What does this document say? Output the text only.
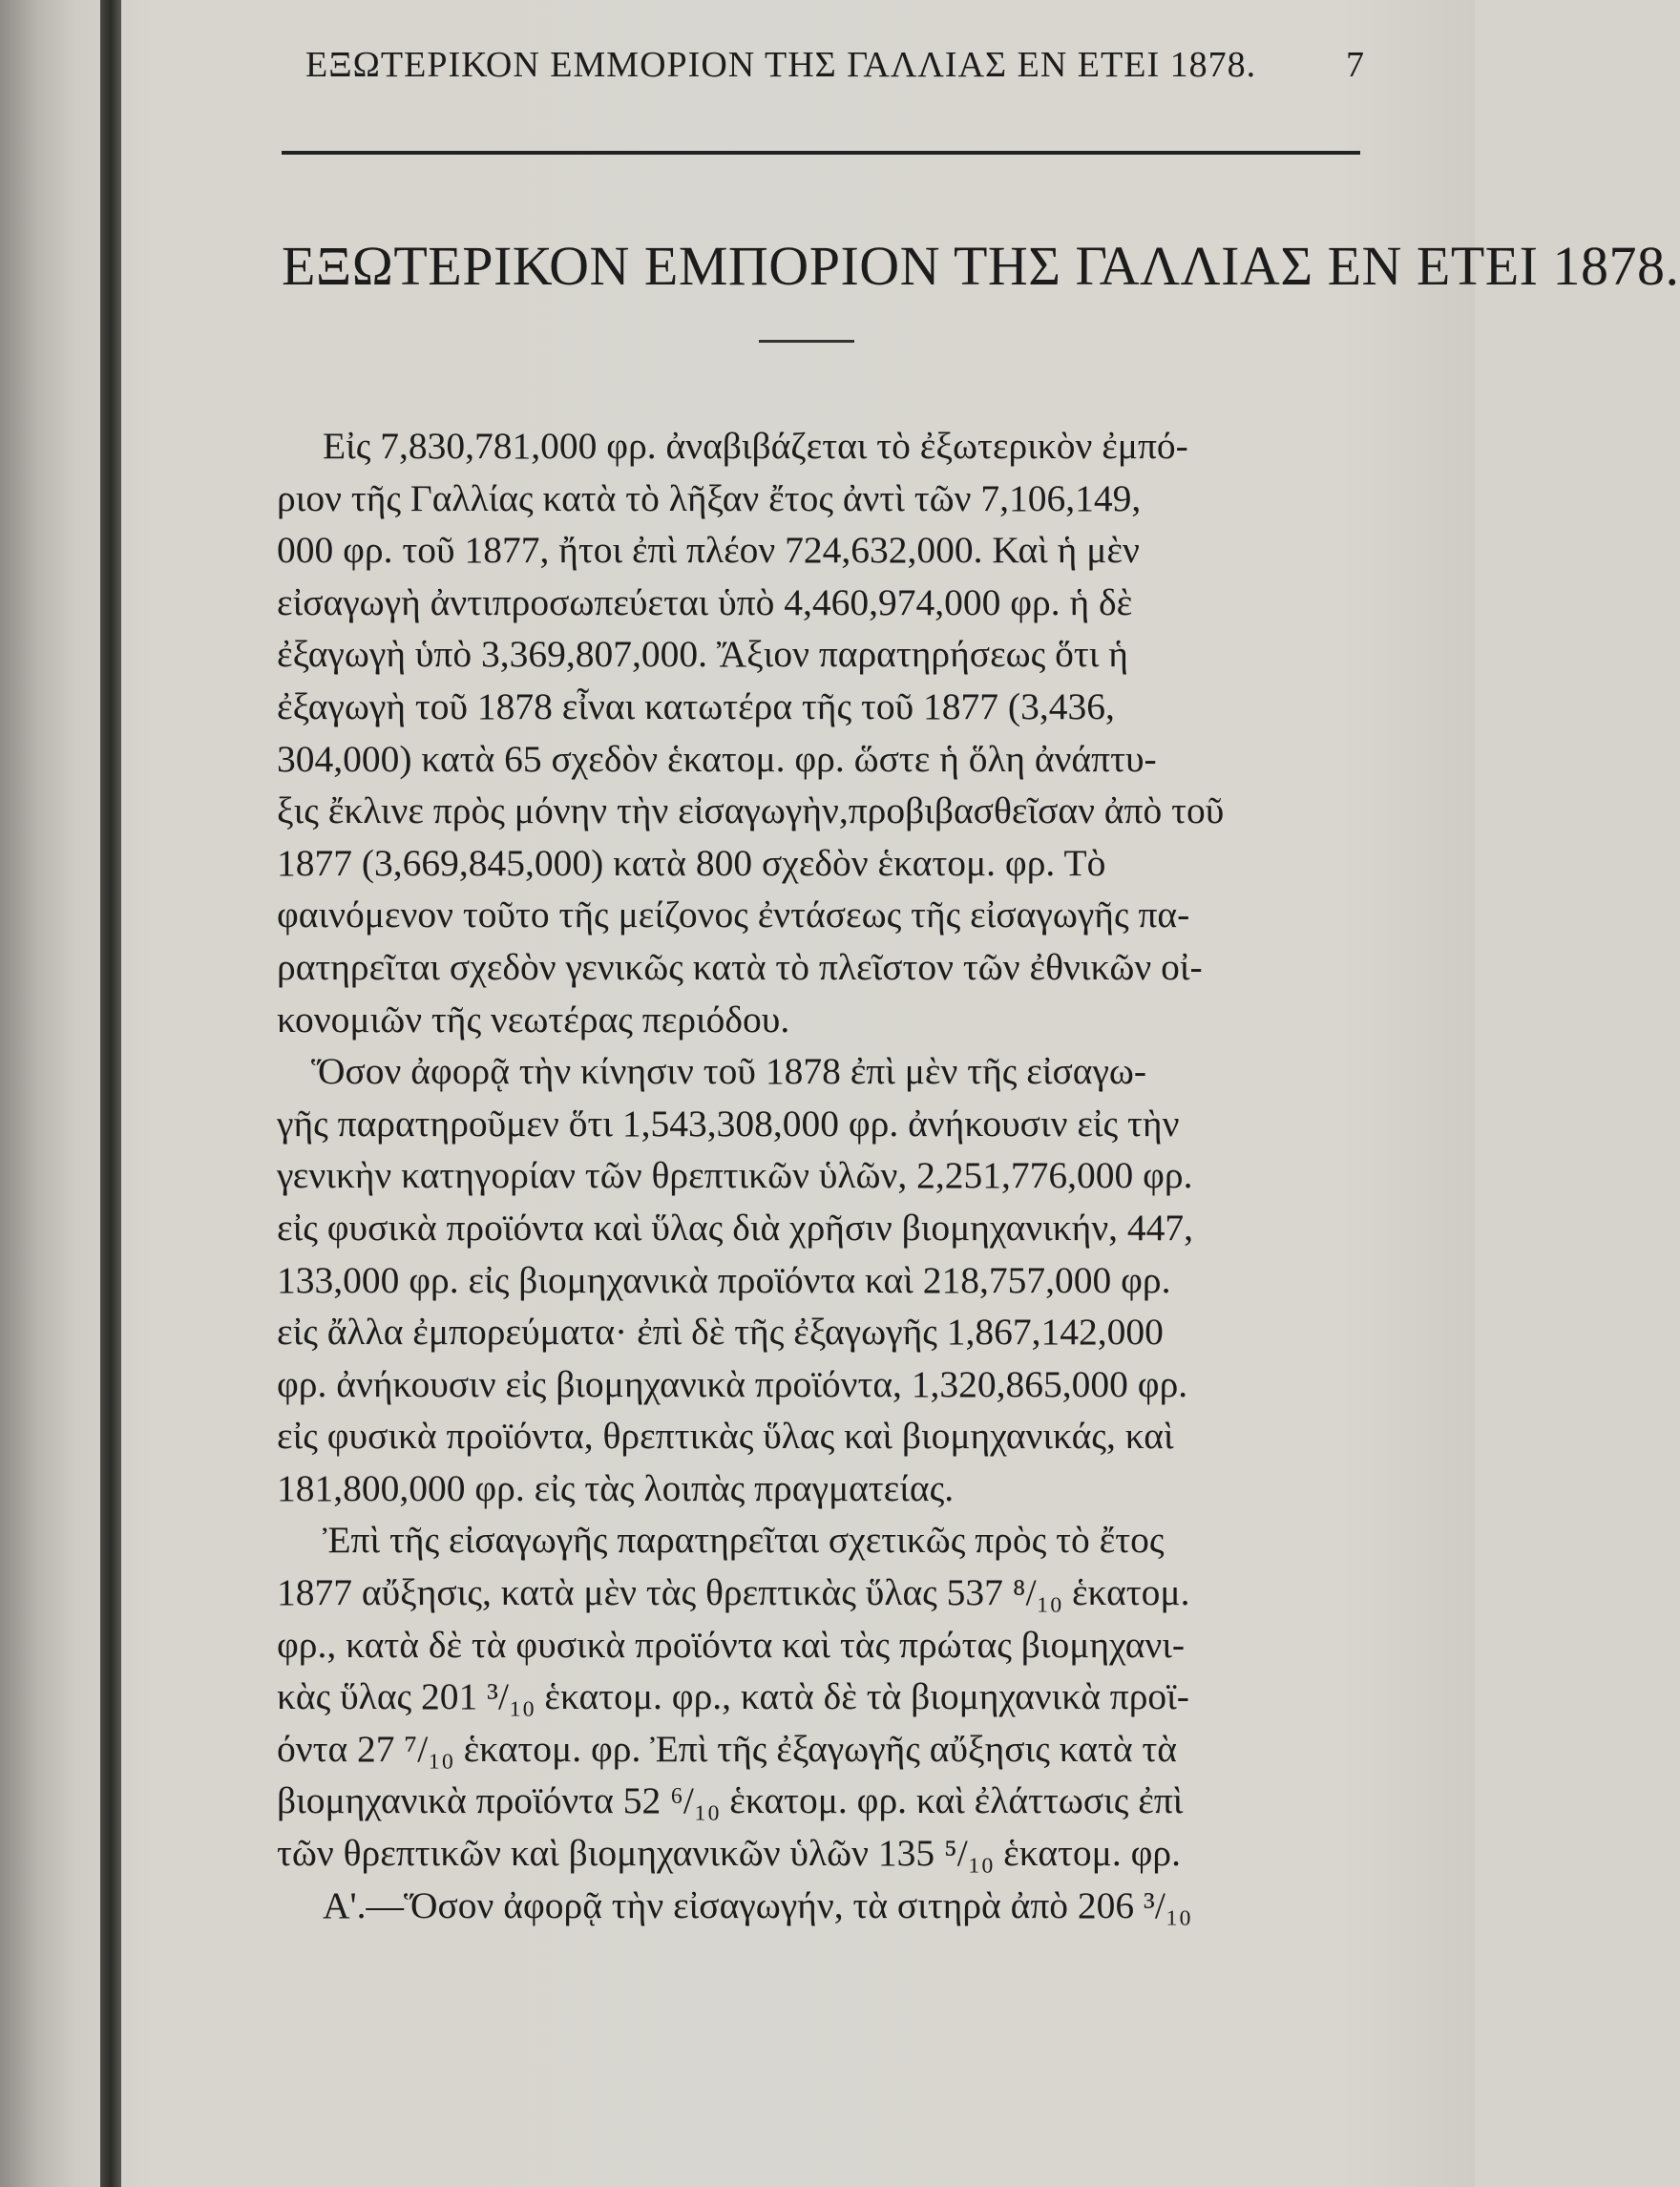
ΕΞΩΤΕΡΙΚΟΝ ΕΜΜΟΡΙΟΝ ΤΗΣ ΓΑΛΛΙΑΣ ΕΝ ΕΤΕΙ 1878. 7
ΕΞΩΤΕΡΙΚΟΝ ΕΜΠΟΡΙΟΝ ΤΗΣ ΓΑΛΛΙΑΣ ΕΝ ΕΤΕΙ 1878.
Εἰς 7,830,781,000 φρ. ἀναβιβάζεται τὸ ἐξωτερικὸν ἐμπό-
ριον τῆς Γαλλίας κατὰ τὸ λῆξαν ἔτος ἀντὶ τῶν 7,106,149,
000 φρ. τοῦ 1877, ἤτοι ἐπὶ πλέον 724,632,000. Καὶ ἡ μὲν
εἰσαγωγὴ ἀντιπροσωπεύεται ὑπὸ 4,460,974,000 φρ. ἡ δὲ
ἐξαγωγὴ ὑπὸ 3,369,807,000. Ἄξιον παρατηρήσεως ὅτι ἡ
ἐξαγωγὴ τοῦ 1878 εἶναι κατωτέρα τῆς τοῦ 1877 (3,436,
304,000) κατὰ 65 σχεδὸν ἑκατομ. φρ. ὥστε ἡ ὅλη ἀνάπτυ-
ξις ἔκλινε πρὸς μόνην τὴν εἰσαγωγὴν,προβιβασθεῖσαν ἀπὸ τοῦ
1877 (3,669,845,000) κατὰ 800 σχεδὸν ἑκατομ. φρ. Τὸ
φαινόμενον τοῦτο τῆς μείζονος ἐντάσεως τῆς εἰσαγωγῆς πα-
ρατηρεῖται σχεδὸν γενικῶς κατὰ τὸ πλεῖστον τῶν ἐθνικῶν οἰ-
κονομιῶν τῆς νεωτέρας περιόδου.
Ὅσον ἀφορᾷ τὴν κίνησιν τοῦ 1878 ἐπὶ μὲν τῆς εἰσαγω-
γῆς παρατηροῦμεν ὅτι 1,543,308,000 φρ. ἀνήκουσιν εἰς τὴν
γενικὴν κατηγορίαν τῶν θρεπτικῶν ὑλῶν, 2,251,776,000 φρ.
εἰς φυσικὰ προϊόντα καὶ ὕλας διὰ χρῆσιν βιομηχανικήν, 447,
133,000 φρ. εἰς βιομηχανικὰ προϊόντα καὶ 218,757,000 φρ.
εἰς ἄλλα ἐμπορεύματα· ἐπὶ δὲ τῆς ἐξαγωγῆς 1,867,142,000
φρ. ἀνήκουσιν εἰς βιομηχανικὰ προϊόντα, 1,320,865,000 φρ.
εἰς φυσικὰ προϊόντα, θρεπτικὰς ὕλας καὶ βιομηχανικάς, καὶ
181,800,000 φρ. εἰς τὰς λοιπὰς πραγματείας.
Ἐπὶ τῆς εἰσαγωγῆς παρατηρεῖται σχετικῶς πρὸς τὸ ἔτος
1877 αὔξησις, κατὰ μὲν τὰς θρεπτικὰς ὕλας 537 ⁸/₁₀ ἑκατομ.
φρ., κατὰ δὲ τὰ φυσικὰ προϊόντα καὶ τὰς πρώτας βιομηχανι-
κὰς ὕλας 201 ³/₁₀ ἑκατομ. φρ., κατὰ δὲ τὰ βιομηχανικὰ προϊ-
όντα 27 ⁷/₁₀ ἑκατομ. φρ. Ἐπὶ τῆς ἐξαγωγῆς αὔξησις κατὰ τὰ
βιομηχανικὰ προϊόντα 52 ⁶/₁₀ ἑκατομ. φρ. καὶ ἐλάττωσις ἐπὶ
τῶν θρεπτικῶν καὶ βιομηχανικῶν ὑλῶν 135 ⁵/₁₀ ἑκατομ. φρ.
Α'.—Ὅσον ἀφορᾷ τὴν εἰσαγωγήν, τὰ σιτηρὰ ἀπὸ 206 ³/₁₀
